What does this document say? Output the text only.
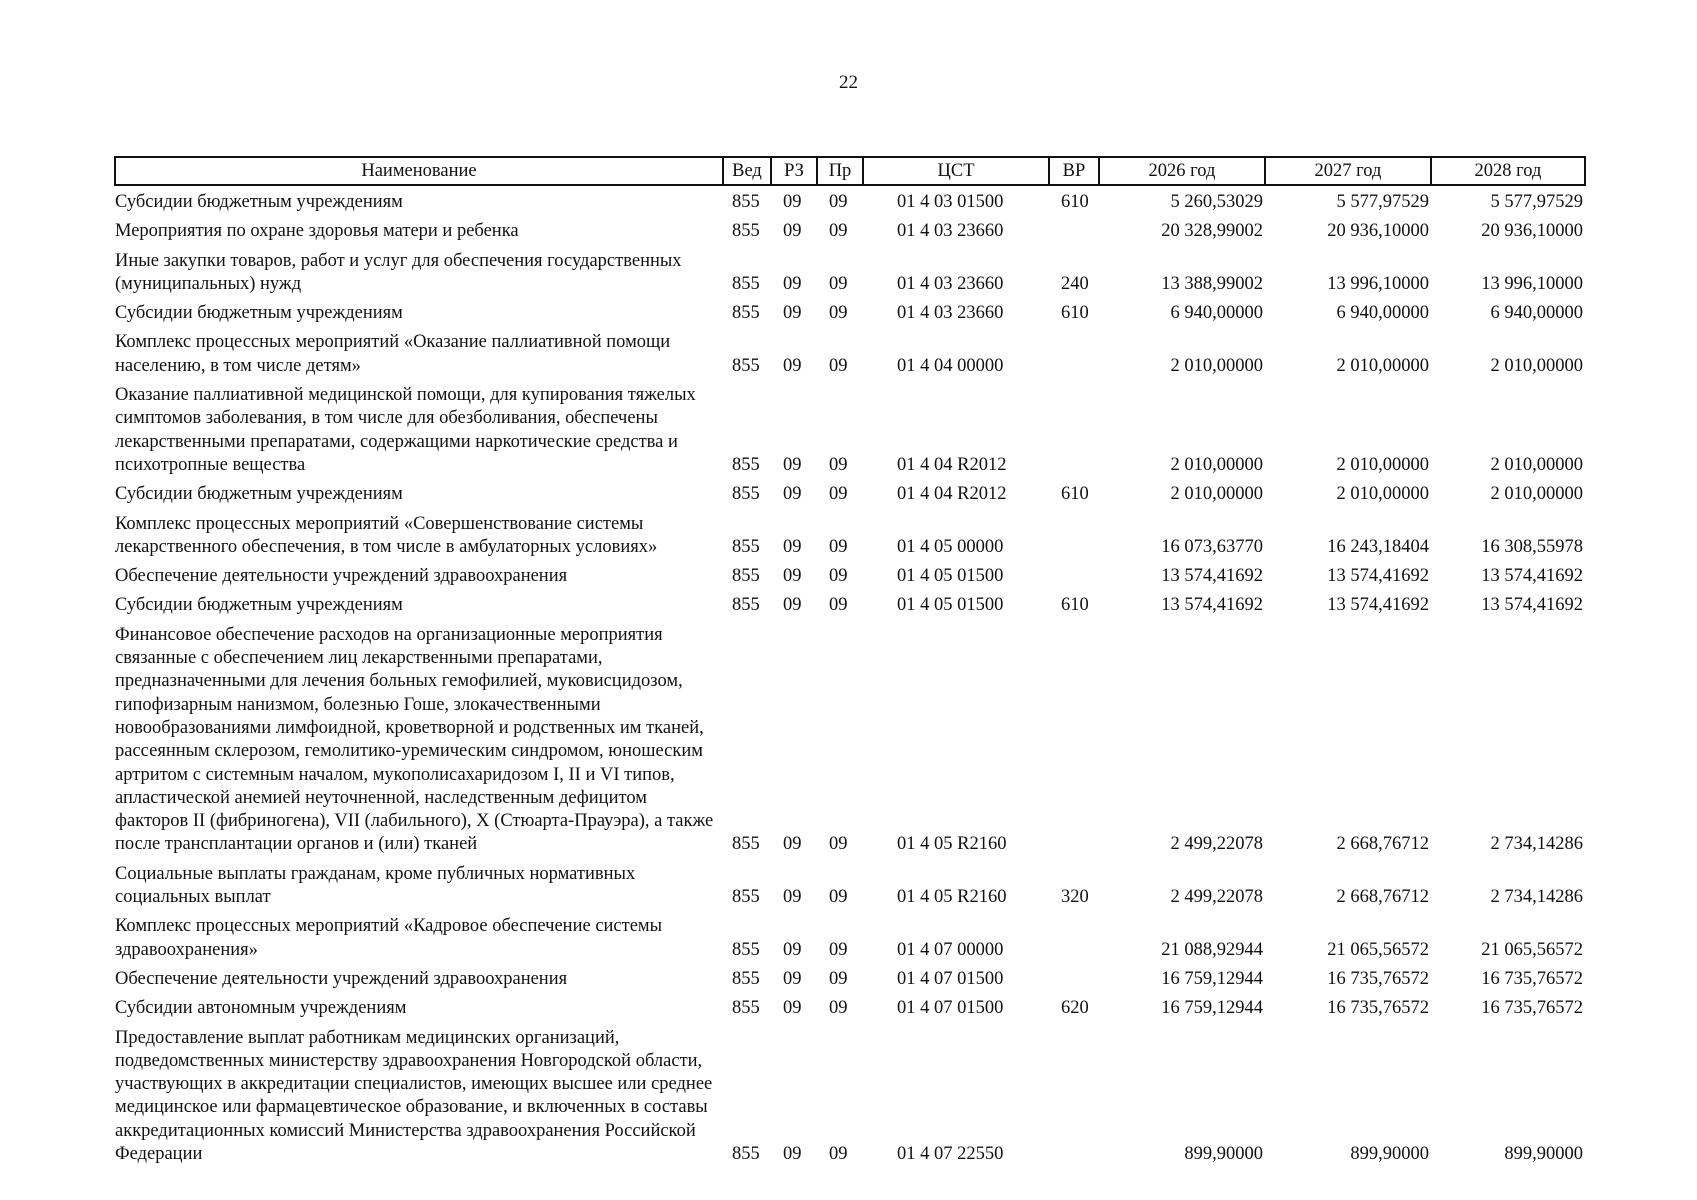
22
Наименование	Вед	РЗ	Пр	ЦСТ	ВР	2026 год	2027 год	2028 год
Субсидии бюджетным учреждениям	855	09	09	01 4 03 01500	610	5 260,53029	5 577,97529	5 577,97529
Мероприятия по охране здоровья матери и ребенка	855	09	09	01 4 03 23660		20 328,99002	20 936,10000	20 936,10000
Иные закупки товаров, работ и услуг для обеспечения государственных (муниципальных) нужд	855	09	09	01 4 03 23660	240	13 388,99002	13 996,10000	13 996,10000
Субсидии бюджетным учреждениям	855	09	09	01 4 03 23660	610	6 940,00000	6 940,00000	6 940,00000
Комплекс процессных мероприятий «Оказание паллиативной помощи населению, в том числе детям»	855	09	09	01 4 04 00000		2 010,00000	2 010,00000	2 010,00000
Оказание паллиативной медицинской помощи, для купирования тяжелых симптомов заболевания, в том числе для обезболивания, обеспечены лекарственными препаратами, содержащими наркотические средства и психотропные вещества	855	09	09	01 4 04 R2012		2 010,00000	2 010,00000	2 010,00000
Субсидии бюджетным учреждениям	855	09	09	01 4 04 R2012	610	2 010,00000	2 010,00000	2 010,00000
Комплекс процессных мероприятий «Совершенствование системы лекарственного обеспечения, в том числе в амбулаторных условиях»	855	09	09	01 4 05 00000		16 073,63770	16 243,18404	16 308,55978
Обеспечение деятельности учреждений здравоохранения	855	09	09	01 4 05 01500		13 574,41692	13 574,41692	13 574,41692
Субсидии бюджетным учреждениям	855	09	09	01 4 05 01500	610	13 574,41692	13 574,41692	13 574,41692
Финансовое обеспечение расходов на организационные мероприятия связанные с обеспечением лиц лекарственными препаратами, предназначенными для лечения больных гемофилией, муковисцидозом, гипофизарным нанизмом, болезнью Гоше, злокачественными новообразованиями лимфоидной, кроветворной и родственных им тканей, рассеянным склерозом, гемолитико-уремическим синдромом, юношеским артритом с системным началом, мукополисахаридозом I, II и VI типов, апластической анемией неуточненной, наследственным дефицитом факторов II (фибриногена), VII (лабильного), X (Стюарта-Прауэра), а также после трансплантации органов и (или) тканей	855	09	09	01 4 05 R2160		2 499,22078	2 668,76712	2 734,14286
Социальные выплаты гражданам, кроме публичных нормативных социальных выплат	855	09	09	01 4 05 R2160	320	2 499,22078	2 668,76712	2 734,14286
Комплекс процессных мероприятий «Кадровое обеспечение системы здравоохранения»	855	09	09	01 4 07 00000		21 088,92944	21 065,56572	21 065,56572
Обеспечение деятельности учреждений здравоохранения	855	09	09	01 4 07 01500		16 759,12944	16 735,76572	16 735,76572
Субсидии автономным учреждениям	855	09	09	01 4 07 01500	620	16 759,12944	16 735,76572	16 735,76572
Предоставление выплат работникам медицинских организаций, подведомственных министерству здравоохранения Новгородской области, участвующих в аккредитации специалистов, имеющих высшее или среднее медицинское или фармацевтическое образование, и включенных в составы аккредитационных комиссий Министерства здравоохранения Российской Федерации	855	09	09	01 4 07 22550		899,90000	899,90000	899,90000
